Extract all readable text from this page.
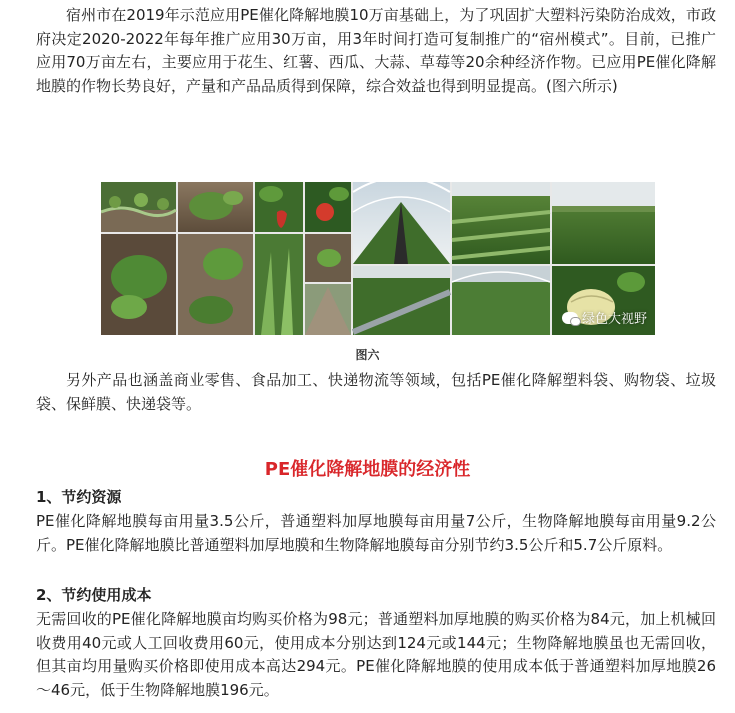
宿州市在2019年示范应用PE催化降解地膜10万亩基础上，为了巩固扩大塑料污染防治成效，市政府决定2020-2022年每年推广应用30万亩，用3年时间打造可复制推广的“宿州模式”。目前，已推广应用70万亩左右，主要应用于花生、红薯、西瓜、大蒜、草莓等20余种经济作物。已应用PE催化降解地膜的作物长势良好，产量和产品品质得到保障，综合效益也得到明显提高。(图六所示)

绿色大视野

图六

另外产品也涵盖商业零售、食品加工、快递物流等领域，包括PE催化降解塑料袋、购物袋、垃圾袋、保鲜膜、快递袋等。

PE催化降解地膜的经济性
1、节约资源

PE催化降解地膜每亩用量3.5公斤，普通塑料加厚地膜每亩用量7公斤，生物降解地膜每亩用量9.2公斤。PE催化降解地膜比普通塑料加厚地膜和生物降解地膜每亩分别节约3.5公斤和5.7公斤原料。

2、节约使用成本

无需回收的PE催化降解地膜亩均购买价格为98元；普通塑料加厚地膜的购买价格为84元，加上机械回收费用40元或人工回收费用60元，使用成本分别达到124元或144元；生物降解地膜虽也无需回收，但其亩均用量购买价格即使用成本高达294元。PE催化降解地膜的使用成本低于普通塑料加厚地膜26～46元，低于生物降解地膜196元。
